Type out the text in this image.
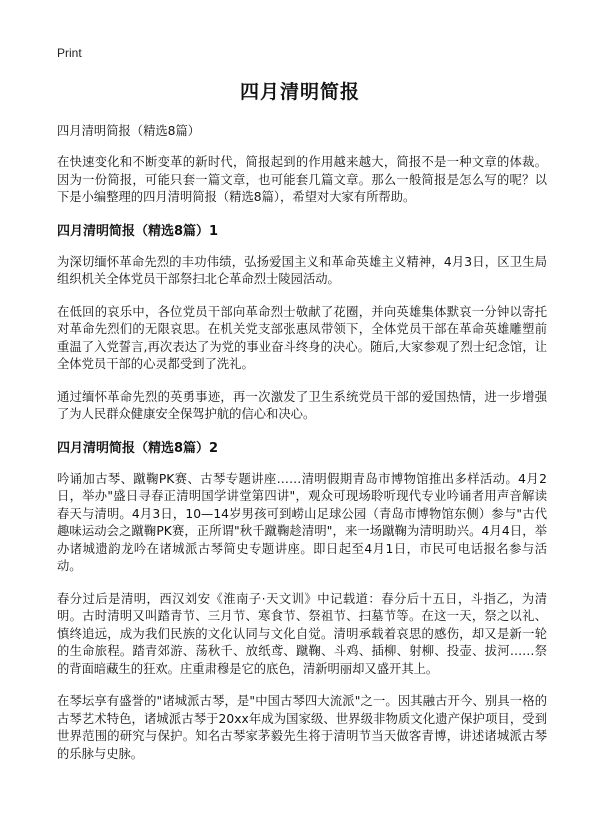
Print
四月清明简报
四月清明简报（精选8篇）
在快速变化和不断变革的新时代，简报起到的作用越来越大，简报不是一种文章的体裁。因为一份简报，可能只套一篇文章，也可能套几篇文章。那么一般简报是怎么写的呢？以下是小编整理的四月清明简报（精选8篇），希望对大家有所帮助。
四月清明简报（精选8篇）1
为深切缅怀革命先烈的丰功伟绩，弘扬爱国主义和革命英雄主义精神，4月3日，区卫生局组织机关全体党员干部祭扫北仑革命烈士陵园活动。
在低回的哀乐中，各位党员干部向革命烈士敬献了花圈，并向英雄集体默哀一分钟以寄托对革命先烈们的无限哀思。在机关党支部张惠凤带领下，全体党员干部在革命英雄雕塑前重温了入党誓言,再次表达了为党的事业奋斗终身的决心。随后,大家参观了烈士纪念馆，让全体党员干部的心灵都受到了洗礼。
通过缅怀革命先烈的英勇事迹，再一次激发了卫生系统党员干部的爱国热情，进一步增强了为人民群众健康安全保驾护航的信心和决心。
四月清明简报（精选8篇）2
吟诵加古琴、蹴鞠PK赛、古琴专题讲座……清明假期青岛市博物馆推出多样活动。4月2日，举办"盛日寻春正清明国学讲堂第四讲"，观众可现场聆听现代专业吟诵者用声音解读春天与清明。4月3日，10—14岁男孩可到崂山足球公园（青岛市博物馆东侧）参与"古代趣味运动会之蹴鞠PK赛，正所谓"秋千蹴鞠趁清明"，来一场蹴鞠为清明助兴。4月4日，举办诸城遗韵龙吟在诸城派古琴简史专题讲座。即日起至4月1日，市民可电话报名参与活动。
春分过后是清明，西汉刘安《淮南子·天文训》中记载道：春分后十五日，斗指乙，为清明。古时清明又叫踏青节、三月节、寒食节、祭祖节、扫墓节等。在这一天，祭之以礼、慎终追远，成为我们民族的文化认同与文化自觉。清明承载着哀思的感伤，却又是新一轮的生命旅程。踏青郊游、荡秋千、放纸鸢、蹴鞠、斗鸡、插柳、射柳、投壶、拔河……祭的背面暗藏生的狂欢。庄重肃穆是它的底色，清新明丽却又盛开其上。
在琴坛享有盛誉的"诸城派古琴，是"中国古琴四大流派"之一。因其融古开今、别具一格的古琴艺术特色，诸城派古琴于20xx年成为国家级、世界级非物质文化遗产保护项目，受到世界范围的研究与保护。知名古琴家茅毅先生将于清明节当天做客青博，讲述诸城派古琴的乐脉与史脉。
